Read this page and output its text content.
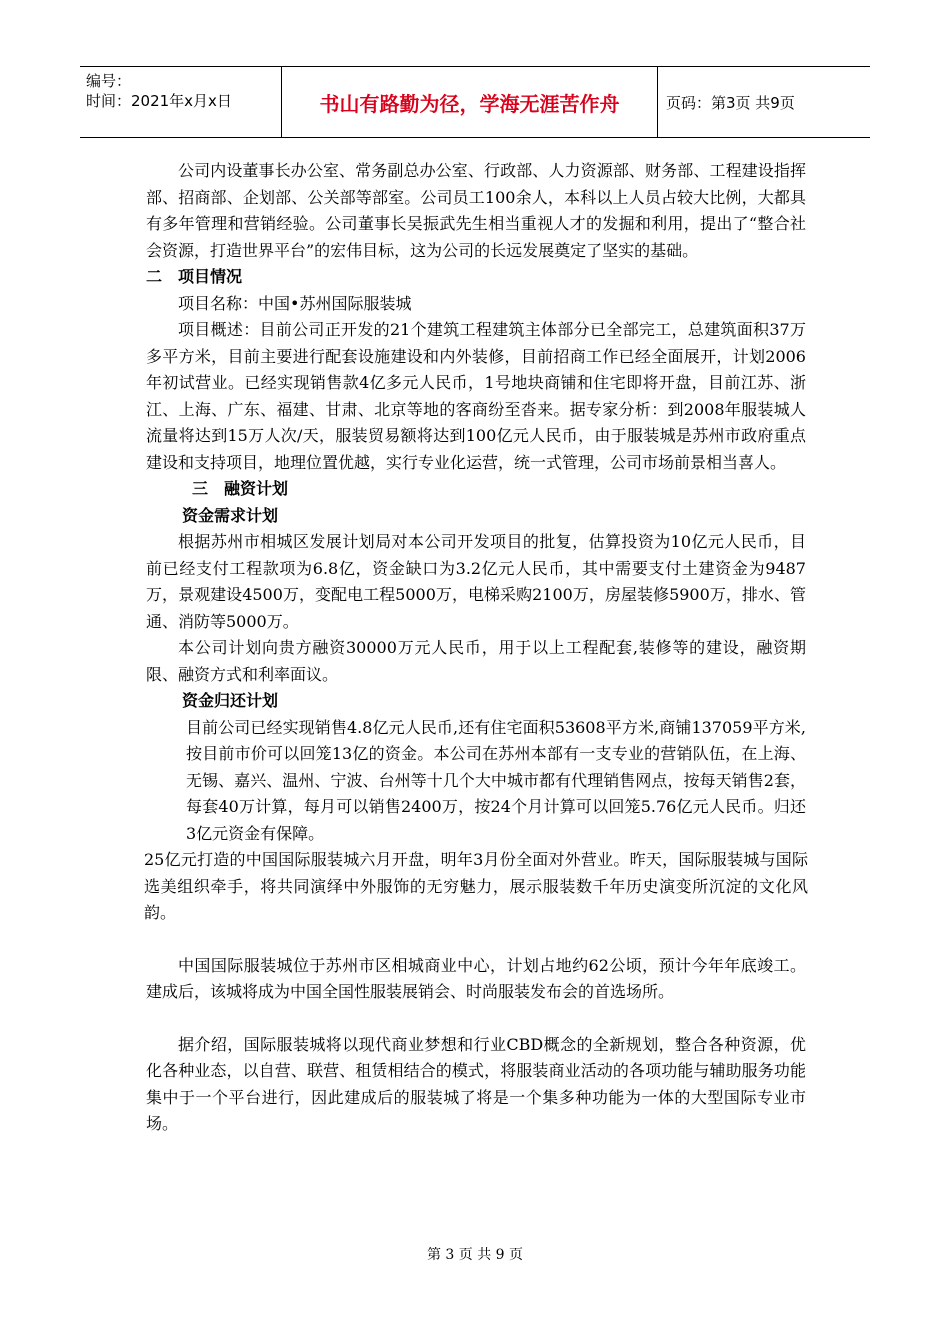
编号：
时间：2021年x月x日	书山有路勤为径，学海无涯苦作舟	页码：第3页 共9页

公司内设董事长办公室、常务副总办公室、行政部、人力资源部、财务部、工程建设指挥部、招商部、企划部、公关部等部室。公司员工100余人，本科以上人员占较大比例，大都具有多年管理和营销经验。公司董事长吴振武先生相当重视人才的发掘和利用，提出了“整合社会资源，打造世界平台”的宏伟目标，这为公司的长远发展奠定了坚实的基础。

二　项目情况

项目名称：中国•苏州国际服装城

项目概述：目前公司正开发的21个建筑工程建筑主体部分已全部完工，总建筑面积37万多平方米，目前主要进行配套设施建设和内外装修，目前招商工作已经全面展开，计划2006年初试营业。已经实现销售款4亿多元人民币，1号地块商铺和住宅即将开盘，目前江苏、浙江、上海、广东、福建、甘肃、北京等地的客商纷至沓来。据专家分析：到2008年服装城人流量将达到15万人次/天，服装贸易额将达到100亿元人民币，由于服装城是苏州市政府重点建设和支持项目，地理位置优越，实行专业化运营，统一式管理，公司市场前景相当喜人。

三　融资计划

资金需求计划

根据苏州市相城区发展计划局对本公司开发项目的批复，估算投资为10亿元人民币，目前已经支付工程款项为6.8亿，资金缺口为3.2亿元人民币，其中需要支付土建资金为9487万，景观建设4500万，变配电工程5000万，电梯采购2100万，房屋装修5900万，排水、管通、消防等5000万。

本公司计划向贵方融资30000万元人民币，用于以上工程配套,装修等的建设，融资期限、融资方式和利率面议。

资金归还计划

目前公司已经实现销售4.8亿元人民币,还有住宅面积53608平方米,商铺137059平方米,按目前市价可以回笼13亿的资金。本公司在苏州本部有一支专业的营销队伍，在上海、无锡、嘉兴、温州、宁波、台州等十几个大中城市都有代理销售网点，按每天销售2套，每套40万计算，每月可以销售2400万，按24个月计算可以回笼5.76亿元人民币。归还3亿元资金有保障。

25亿元打造的中国国际服装城六月开盘，明年3月份全面对外营业。昨天，国际服装城与国际选美组织牵手，将共同演绎中外服饰的无穷魅力，展示服装数千年历史演变所沉淀的文化风韵。

中国国际服装城位于苏州市区相城商业中心，计划占地约62公顷，预计今年年底竣工。建成后，该城将成为中国全国性服装展销会、时尚服装发布会的首选场所。

据介绍，国际服装城将以现代商业梦想和行业CBD概念的全新规划，整合各种资源，优化各种业态，以自营、联营、租赁相结合的模式，将服装商业活动的各项功能与辅助服务功能集中于一个平台进行，因此建成后的服装城了将是一个集多种功能为一体的大型国际专业市场。

第 3 页 共 9 页
